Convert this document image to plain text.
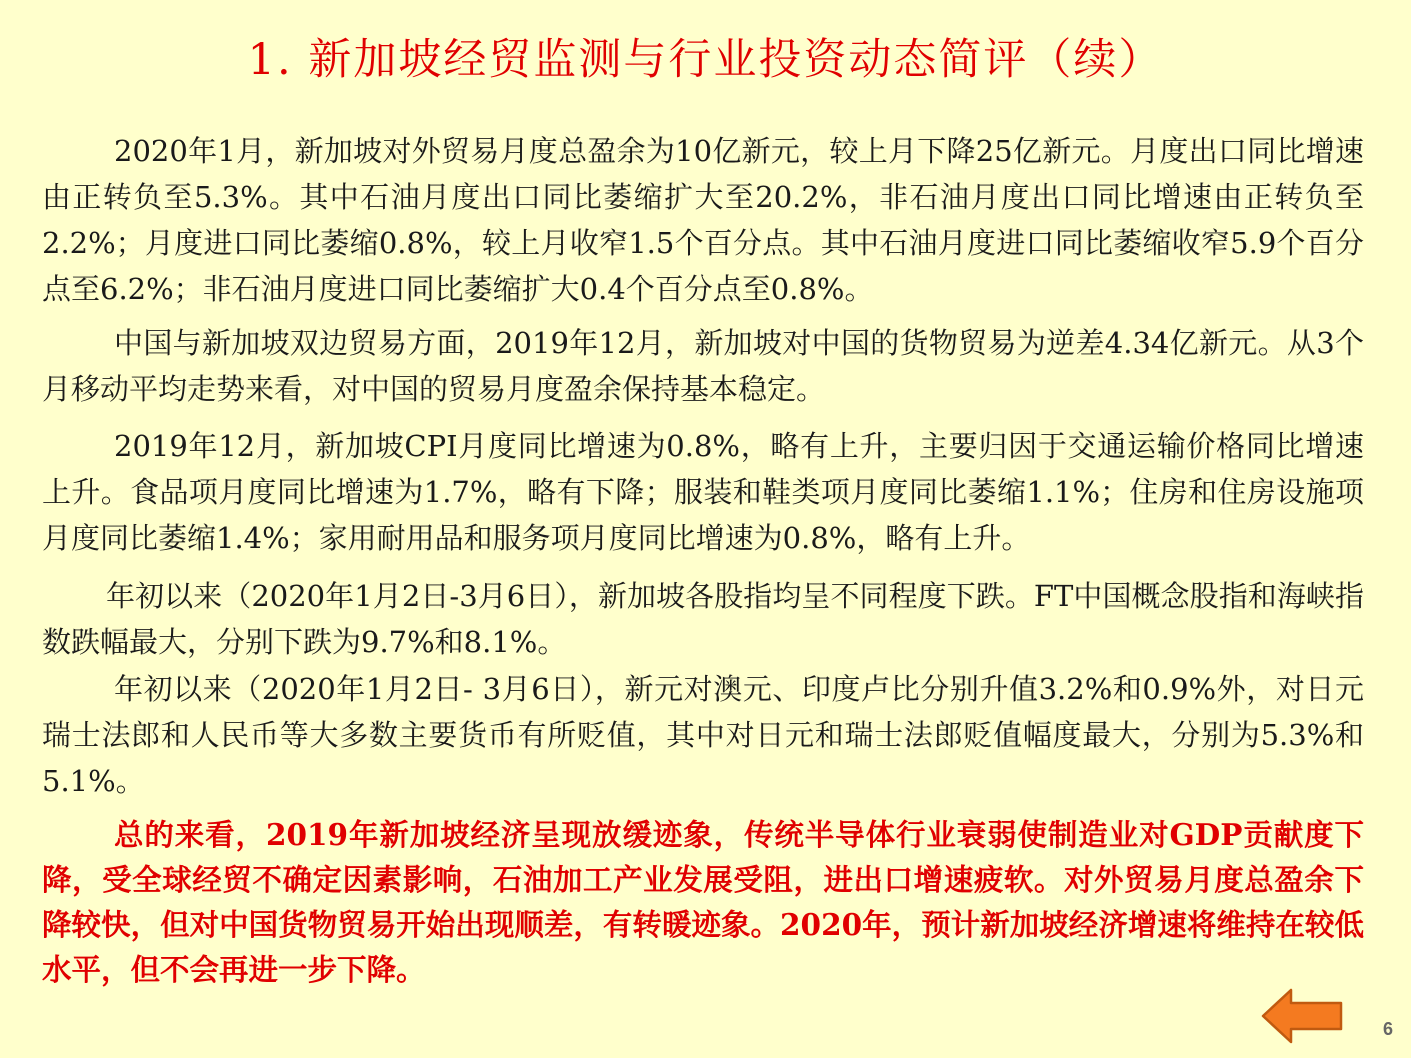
1. 新加坡经贸监测与行业投资动态简评（续）

2020年1月，新加坡对外贸易月度总盈余为10亿新元，较上月下降25亿新元。月度出口同比增速由正转负至5.3%。其中石油月度出口同比萎缩扩大至20.2%，非石油月度出口同比增速由正转负至2.2%；月度进口同比萎缩0.8%，较上月收窄1.5个百分点。其中石油月度进口同比萎缩收窄5.9个百分点至6.2%；非石油月度进口同比萎缩扩大0.4个百分点至0.8%。

中国与新加坡双边贸易方面，2019年12月，新加坡对中国的货物贸易为逆差4.34亿新元。从3个月移动平均走势来看，对中国的贸易月度盈余保持基本稳定。

2019年12月，新加坡CPI月度同比增速为0.8%，略有上升，主要归因于交通运输价格同比增速上升。食品项月度同比增速为1.7%，略有下降；服装和鞋类项月度同比萎缩1.1%；住房和住房设施项月度同比萎缩1.4%；家用耐用品和服务项月度同比增速为0.8%，略有上升。

年初以来（2020年1月2日-3月6日），新加坡各股指均呈不同程度下跌。FT中国概念股指和海峡指数跌幅最大，分别下跌为9.7%和8.1%。

年初以来（2020年1月2日- 3月6日），新元对澳元、印度卢比分别升值3.2%和0.9%外，对日元瑞士法郎和人民币等大多数主要货币有所贬值，其中对日元和瑞士法郎贬值幅度最大，分别为5.3%和5.1%。

总的来看，2019年新加坡经济呈现放缓迹象，传统半导体行业衰弱使制造业对GDP贡献度下降，受全球经贸不确定因素影响，石油加工产业发展受阻，进出口增速疲软。对外贸易月度总盈余下降较快，但对中国货物贸易开始出现顺差，有转暖迹象。2020年，预计新加坡经济增速将维持在较低水平，但不会再进一步下降。

6
